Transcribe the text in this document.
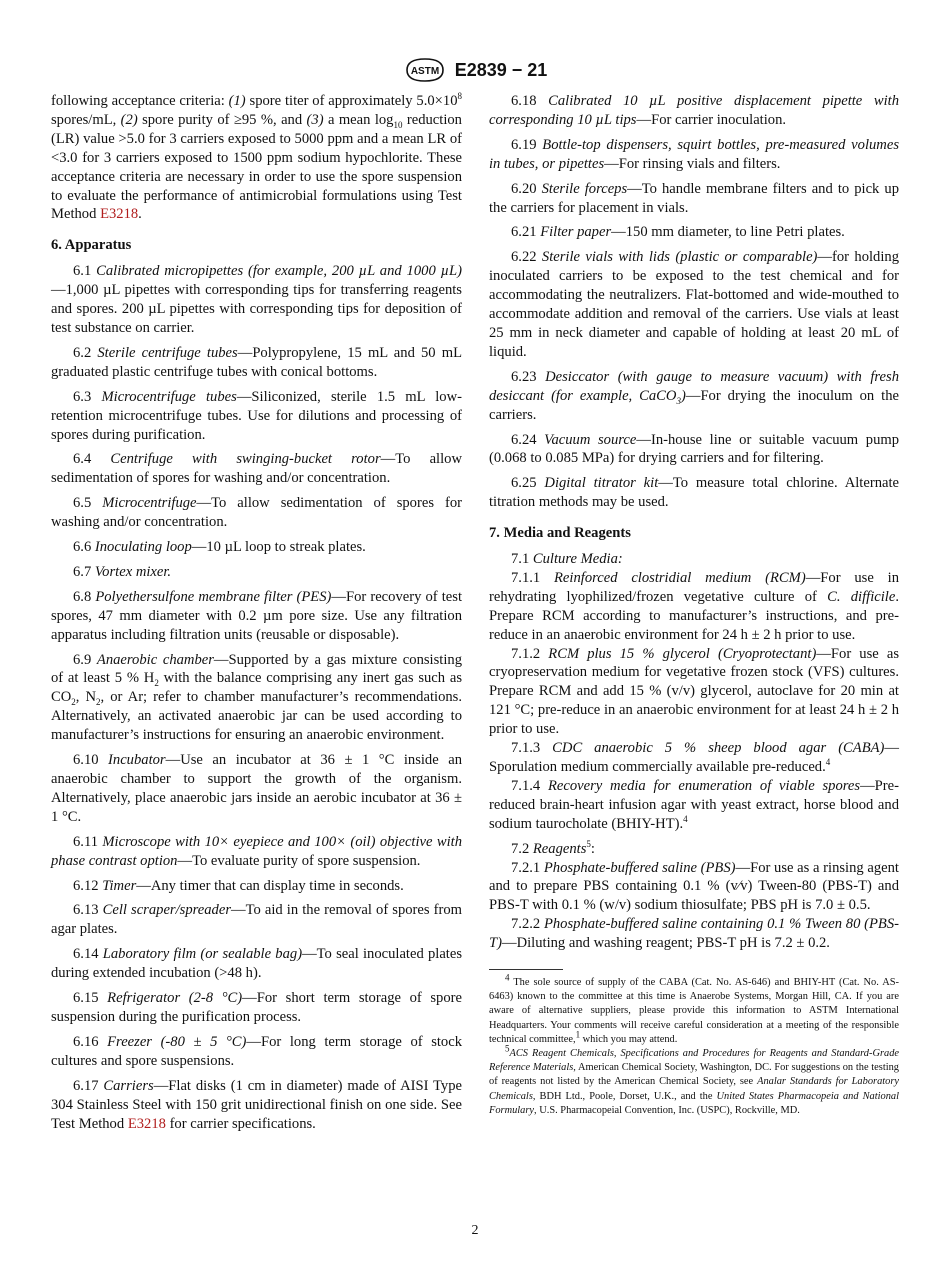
ASTM E2839 − 21

following acceptance criteria: (1) spore titer of approximately $5.0\times 10^8$ spores/mL, (2) spore purity of ≥95 %, and (3) a mean $\log_{10}$ reduction (LR) value >5.0 for 3 carriers exposed to 5000 ppm and a mean LR of <3.0 for 3 carriers exposed to 1500 ppm sodium hypochlorite. These acceptance criteria are necessary in order to use the spore suspension to evaluate the performance of antimicrobial formulations using Test Method E3218.

6. Apparatus

6.1 Calibrated micropipettes (for example, 200 µL and 1000 µL)—1,000 µL pipettes with corresponding tips for transferring reagents and spores. 200 µL pipettes with corresponding tips for deposition of test substance on carrier.

6.2 Sterile centrifuge tubes—Polypropylene, 15 mL and 50 mL graduated plastic centrifuge tubes with conical bottoms.

6.3 Microcentrifuge tubes—Siliconized, sterile 1.5 mL low-retention microcentrifuge tubes. Use for dilutions and processing of spores during purification.

6.4 Centrifuge with swinging-bucket rotor—To allow sedimentation of spores for washing and/or concentration.

6.5 Microcentrifuge—To allow sedimentation of spores for washing and/or concentration.

6.6 Inoculating loop—10 µL loop to streak plates.

6.7 Vortex mixer.

6.8 Polyethersulfone membrane filter (PES)—For recovery of test spores, 47 mm diameter with 0.2 µm pore size. Use any filtration apparatus including filtration units (reusable or disposable).

6.9 Anaerobic chamber—Supported by a gas mixture consisting of at least 5 % $H_2$ with the balance comprising any inert gas such as $CO_2$, $N_2$, or Ar; refer to chamber manufacturer’s recommendations. Alternatively, an activated anaerobic jar can be used according to manufacturer’s instructions for ensuring an anaerobic environment.

6.10 Incubator—Use an incubator at 36 ± 1 °C inside an anaerobic chamber to support the growth of the organism. Alternatively, place anaerobic jars inside an aerobic incubator at 36 ± 1 °C.

6.11 Microscope with 10× eyepiece and 100× (oil) objective with phase contrast option—To evaluate purity of spore suspension.

6.12 Timer—Any timer that can display time in seconds.

6.13 Cell scraper/spreader—To aid in the removal of spores from agar plates.

6.14 Laboratory film (or sealable bag)—To seal inoculated plates during extended incubation (>48 h).

6.15 Refrigerator (2-8 °C)—For short term storage of spore suspension during the purification process.

6.16 Freezer (-80 ± 5 °C)—For long term storage of stock cultures and spore suspensions.

6.17 Carriers—Flat disks (1 cm in diameter) made of AISI Type 304 Stainless Steel with 150 grit unidirectional finish on one side. See Test Method E3218 for carrier specifications.

6.18 Calibrated 10 µL positive displacement pipette with corresponding 10 µL tips—For carrier inoculation.

6.19 Bottle-top dispensers, squirt bottles, pre-measured volumes in tubes, or pipettes—For rinsing vials and filters.

6.20 Sterile forceps—To handle membrane filters and to pick up the carriers for placement in vials.

6.21 Filter paper—150 mm diameter, to line Petri plates.

6.22 Sterile vials with lids (plastic or comparable)—for holding inoculated carriers to be exposed to the test chemical and for accommodating the neutralizers. Flat-bottomed and wide-mouthed to accommodate addition and removal of the carriers. Use vials at least 25 mm in neck diameter and capable of holding at least 20 mL of liquid.

6.23 Desiccator (with gauge to measure vacuum) with fresh desiccant (for example, CaCO$_3$)—For drying the inoculum on the carriers.

6.24 Vacuum source—In-house line or suitable vacuum pump (0.068 to 0.085 MPa) for drying carriers and for filtering.

6.25 Digital titrator kit—To measure total chlorine. Alternate titration methods may be used.

7. Media and Reagents

7.1 Culture Media:

7.1.1 Reinforced clostridial medium (RCM)—For use in rehydrating lyophilized/frozen vegetative culture of C. difficile. Prepare RCM according to manufacturer’s instructions, and pre-reduce in an anaerobic environment for 24 h ± 2 h prior to use.

7.1.2 RCM plus 15 % glycerol (Cryoprotectant)—For use as cryopreservation medium for vegetative frozen stock (VFS) cultures. Prepare RCM and add 15 % (v/v) glycerol, autoclave for 20 min at 121 °C; pre-reduce in an anaerobic environment for at least 24 h ± 2 h prior to use.

7.1.3 CDC anaerobic 5 % sheep blood agar (CABA)—Sporulation medium commercially available pre-reduced.$^4$

7.1.4 Recovery media for enumeration of viable spores—Pre-reduced brain-heart infusion agar with yeast extract, horse blood and sodium taurocholate (BHIY-HT).$^4$

7.2 Reagents$^5$:

7.2.1 Phosphate-buffered saline (PBS)—For use as a rinsing agent and to prepare PBS containing 0.1 % (v⁄v) Tween-80 (PBS-T) and PBS-T with 0.1 % (w/v) sodium thiosulfate; PBS pH is 7.0 ± 0.5.

7.2.2 Phosphate-buffered saline containing 0.1 % Tween 80 (PBS-T)—Diluting and washing reagent; PBS-T pH is 7.2 ± 0.2.

$^4$ The sole source of supply of the CABA (Cat. No. AS-646) and BHIY-HT (Cat. No. AS-6463) known to the committee at this time is Anaerobe Systems, Morgan Hill, CA. If you are aware of alternative suppliers, please provide this information to ASTM International Headquarters. Your comments will receive careful consideration at a meeting of the responsible technical committee,$^1$ which you may attend.

$^5$ACS Reagent Chemicals, Specifications and Procedures for Reagents and Standard-Grade Reference Materials, American Chemical Society, Washington, DC. For suggestions on the testing of reagents not listed by the American Chemical Society, see Analar Standards for Laboratory Chemicals, BDH Ltd., Poole, Dorset, U.K., and the United States Pharmacopeia and National Formulary, U.S. Pharmacopeial Convention, Inc. (USPC), Rockville, MD.

2
